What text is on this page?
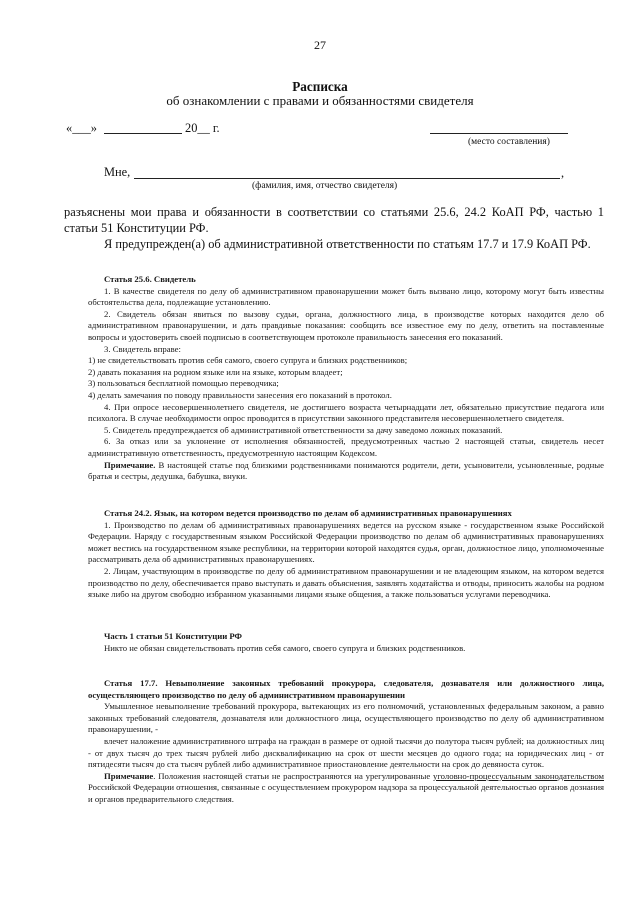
27
Расписка
об ознакомлении с правами и обязанностями свидетеля
«___»	20__ г.
(место составления)
Мне,	,
(фамилия, имя, отчество свидетеля)

разъяснены мои права и обязанности в соответствии со статьями 25.6, 24.2 КоАП РФ, частью 1 статьи 51 Конституции РФ.

Я предупрежден(а) об административной ответственности по статьям 17.7 и 17.9 КоАП РФ.

Статья 25.6. Свидетель

1. В качестве свидетеля по делу об административном правонарушении может быть вызвано лицо, которому могут быть известны обстоятельства дела, подлежащие установлению.

2. Свидетель обязан явиться по вызову судьи, органа, должностного лица, в производстве которых находится дело об административном правонарушении, и дать правдивые показания: сообщить все известное ему по делу, ответить на поставленные вопросы и удостоверить своей подписью в соответствующем протоколе правильность занесения его показаний.

3. Свидетель вправе:

1) не свидетельствовать против себя самого, своего супруга и близких родственников;

2) давать показания на родном языке или на языке, которым владеет;

3) пользоваться бесплатной помощью переводчика;

4) делать замечания по поводу правильности занесения его показаний в протокол.

4. При опросе несовершеннолетнего свидетеля, не достигшего возраста четырнадцати лет, обязательно присутствие педагога или психолога. В случае необходимости опрос проводится в присутствии законного представителя несовершеннолетнего свидетеля.

5. Свидетель предупреждается об административной ответственности за дачу заведомо ложных показаний.

6. За отказ или за уклонение от исполнения обязанностей, предусмотренных частью 2 настоящей статьи, свидетель несет административную ответственность, предусмотренную настоящим Кодексом.

Примечание. В настоящей статье под близкими родственниками понимаются родители, дети, усыновители, усыновленные, родные братья и сестры, дедушка, бабушка, внуки.

Статья 24.2. Язык, на котором ведется производство по делам об административных правонарушениях

1. Производство по делам об административных правонарушениях ведется на русском языке - государственном языке Российской Федерации. Наряду с государственным языком Российской Федерации производство по делам об административных правонарушениях может вестись на государственном языке республики, на территории которой находятся судья, орган, должностное лицо, уполномоченные рассматривать дела об административных правонарушениях.

2. Лицам, участвующим в производстве по делу об административном правонарушении и не владеющим языком, на котором ведется производство по делу, обеспечивается право выступать и давать объяснения, заявлять ходатайства и отводы, приносить жалобы на родном языке либо на другом свободно избранном указанными лицами языке общения, а также пользоваться услугами переводчика.

Часть 1 статьи 51 Конституции РФ

Никто не обязан свидетельствовать против себя самого, своего супруга и близких родственников.

Статья 17.7. Невыполнение законных требований прокурора, следователя, дознавателя или должностного лица, осуществляющего производство по делу об административном правонарушении

Умышленное невыполнение требований прокурора, вытекающих из его полномочий, установленных федеральным законом, а равно законных требований следователя, дознавателя или должностного лица, осуществляющего производство по делу об административном правонарушении, -

влечет наложение административного штрафа на граждан в размере от одной тысячи до полутора тысяч рублей; на должностных лиц - от двух тысяч до трех тысяч рублей либо дисквалификацию на срок от шести месяцев до одного года; на юридических лиц - от пятидесяти тысяч до ста тысяч рублей либо административное приостановление деятельности на срок до девяноста суток.

Примечание. Положения настоящей статьи не распространяются на урегулированные уголовно-процессуальным законодательством Российской Федерации отношения, связанные с осуществлением прокурором надзора за процессуальной деятельностью органов дознания и органов предварительного следствия.
